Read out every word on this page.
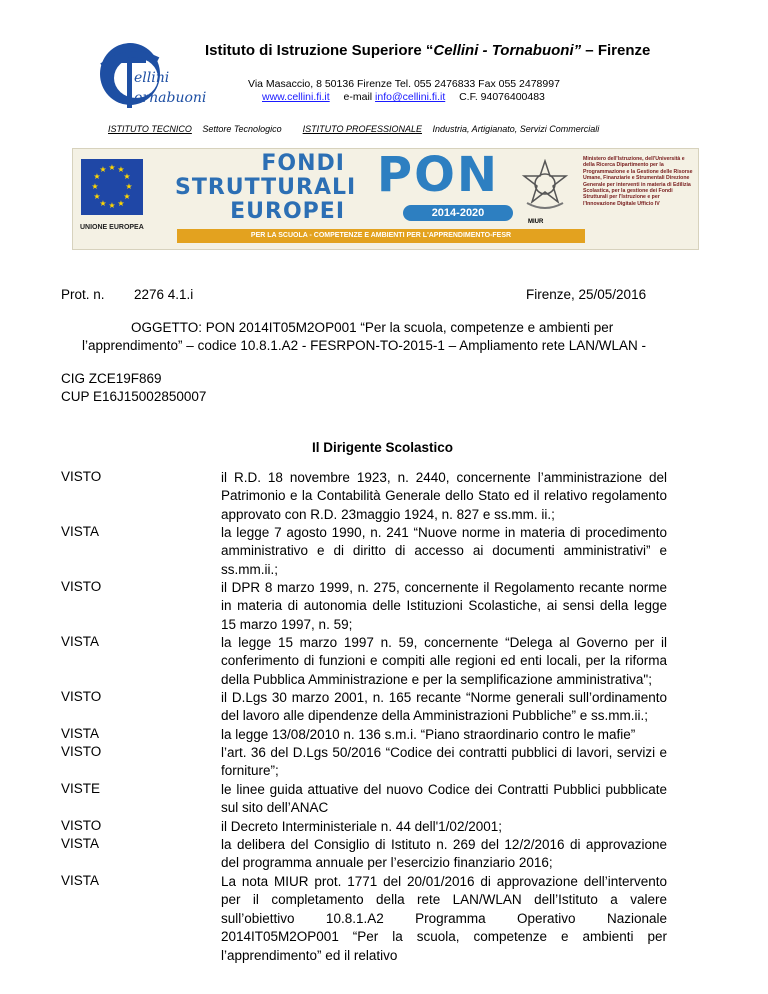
ellini
ornabuoni
Istituto di Istruzione Superiore “Cellini - Tornabuoni” – Firenze
Via Masaccio, 8 50136 Firenze Tel. 055 2476833 Fax 055 2478997
www.cellini.fi.it e-mail info@cellini.fi.it C.F. 94076400483
ISTITUTO TECNICO Settore Tecnologico ISTITUTO PROFESSIONALE Industria, Artigianato, Servizi Commerciali
★ ★
★
★
★
★
★
★
★
★
★
★
UNIONE EUROPEA
FONDI
STRUTTURALI
EUROPEI
PON
2014-2020
MIUR
Ministero dell'Istruzione, dell'Università e della Ricerca Dipartimento per la Programmazione e la Gestione delle Risorse Umane, Finanziarie e Strumentali Direzione Generale per interventi in materia di Edilizia Scolastica, per la gestione dei Fondi Strutturali per l'Istruzione e per l'Innovazione Digitale Ufficio IV
PER LA SCUOLA - COMPETENZE E AMBIENTI PER L'APPRENDIMENTO-FESR
Prot. n. 2276 4.1.i	Firenze, 25/05/2016
OGGETTO: PON 2014IT05M2OP001 “Per la scuola, competenze e ambienti per
l’apprendimento” – codice 10.8.1.A2 - FESRPON-TO-2015-1 – Ampliamento rete LAN/WLAN -
CIG ZCE19F869
CUP E16J15002850007
Il Dirigente Scolastico
VISTO	il R.D. 18 novembre 1923, n. 2440, concernente l’amministrazione del Patrimonio e la Contabilità Generale dello Stato ed il relativo regolamento approvato con R.D. 23maggio 1924, n. 827 e ss.mm. ii.;
VISTA	la legge 7 agosto 1990, n. 241 “Nuove norme in materia di procedimento amministrativo e di diritto di accesso ai documenti amministrativi” e ss.mm.ii.;
VISTO	il DPR 8 marzo 1999, n. 275, concernente il Regolamento recante norme in materia di autonomia delle Istituzioni Scolastiche, ai sensi della legge 15 marzo 1997, n. 59;
VISTA	la legge 15 marzo 1997 n. 59, concernente “Delega al Governo per il conferimento di funzioni e compiti alle regioni ed enti locali, per la riforma della Pubblica Amministrazione e per la semplificazione amministrativa";
VISTO	il D.Lgs 30 marzo 2001, n. 165 recante “Norme generali sull’ordinamento del lavoro alle dipendenze della Amministrazioni Pubbliche” e ss.mm.ii.;
VISTA	la legge 13/08/2010 n. 136 s.m.i. “Piano straordinario contro le mafie”
VISTO	l’art. 36 del D.Lgs 50/2016 “Codice dei contratti pubblici di lavori, servizi e forniture”;
VISTE	le linee guida attuative del nuovo Codice dei Contratti Pubblici pubblicate sul sito dell’ANAC
VISTO	il Decreto Interministeriale n. 44 dell'1/02/2001;
VISTA	la delibera del Consiglio di Istituto n. 269 del 12/2/2016 di approvazione del programma annuale per l’esercizio finanziario 2016;
VISTA	La nota MIUR prot. 1771 del 20/01/2016 di approvazione dell’intervento per il completamento della rete LAN/WLAN dell’Istituto a valere sull’obiettivo 10.8.1.A2 Programma Operativo Nazionale 2014IT05M2OP001 “Per la scuola, competenze e ambienti per l’apprendimento” ed il relativo
